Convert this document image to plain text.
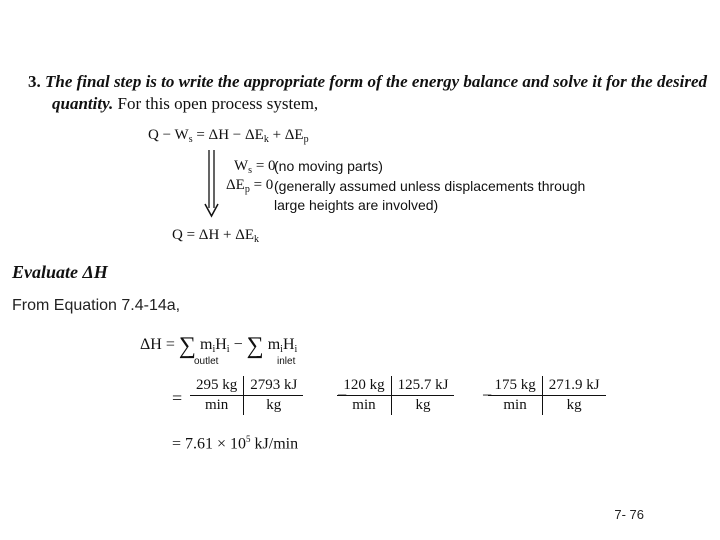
3. The final step is to write the appropriate form of the energy balance and solve it for the desired
quantity. For this open process system,
$Q - W_s = \Delta H - \Delta E_k + \Delta E_p$
$W_s = 0$
(no moving parts)
$\Delta E_p = 0$ (generally assumed unless displacements through
large heights are involved)
$Q = \Delta H + \Delta E_k$
Evaluate ΔH
From Equation 7.4-14a,
ΔH = ∑ $m_iH_i$ − ∑ $m_iH_i$
outlet	inlet
=
295 kg	2793 kJ		120 kg	125.7 kJ		175 kg	271.9 kJ
min	kg		min	kg		min	kg
−	−
= $7.61 \times 10^5$ kJ/min
7- 76
